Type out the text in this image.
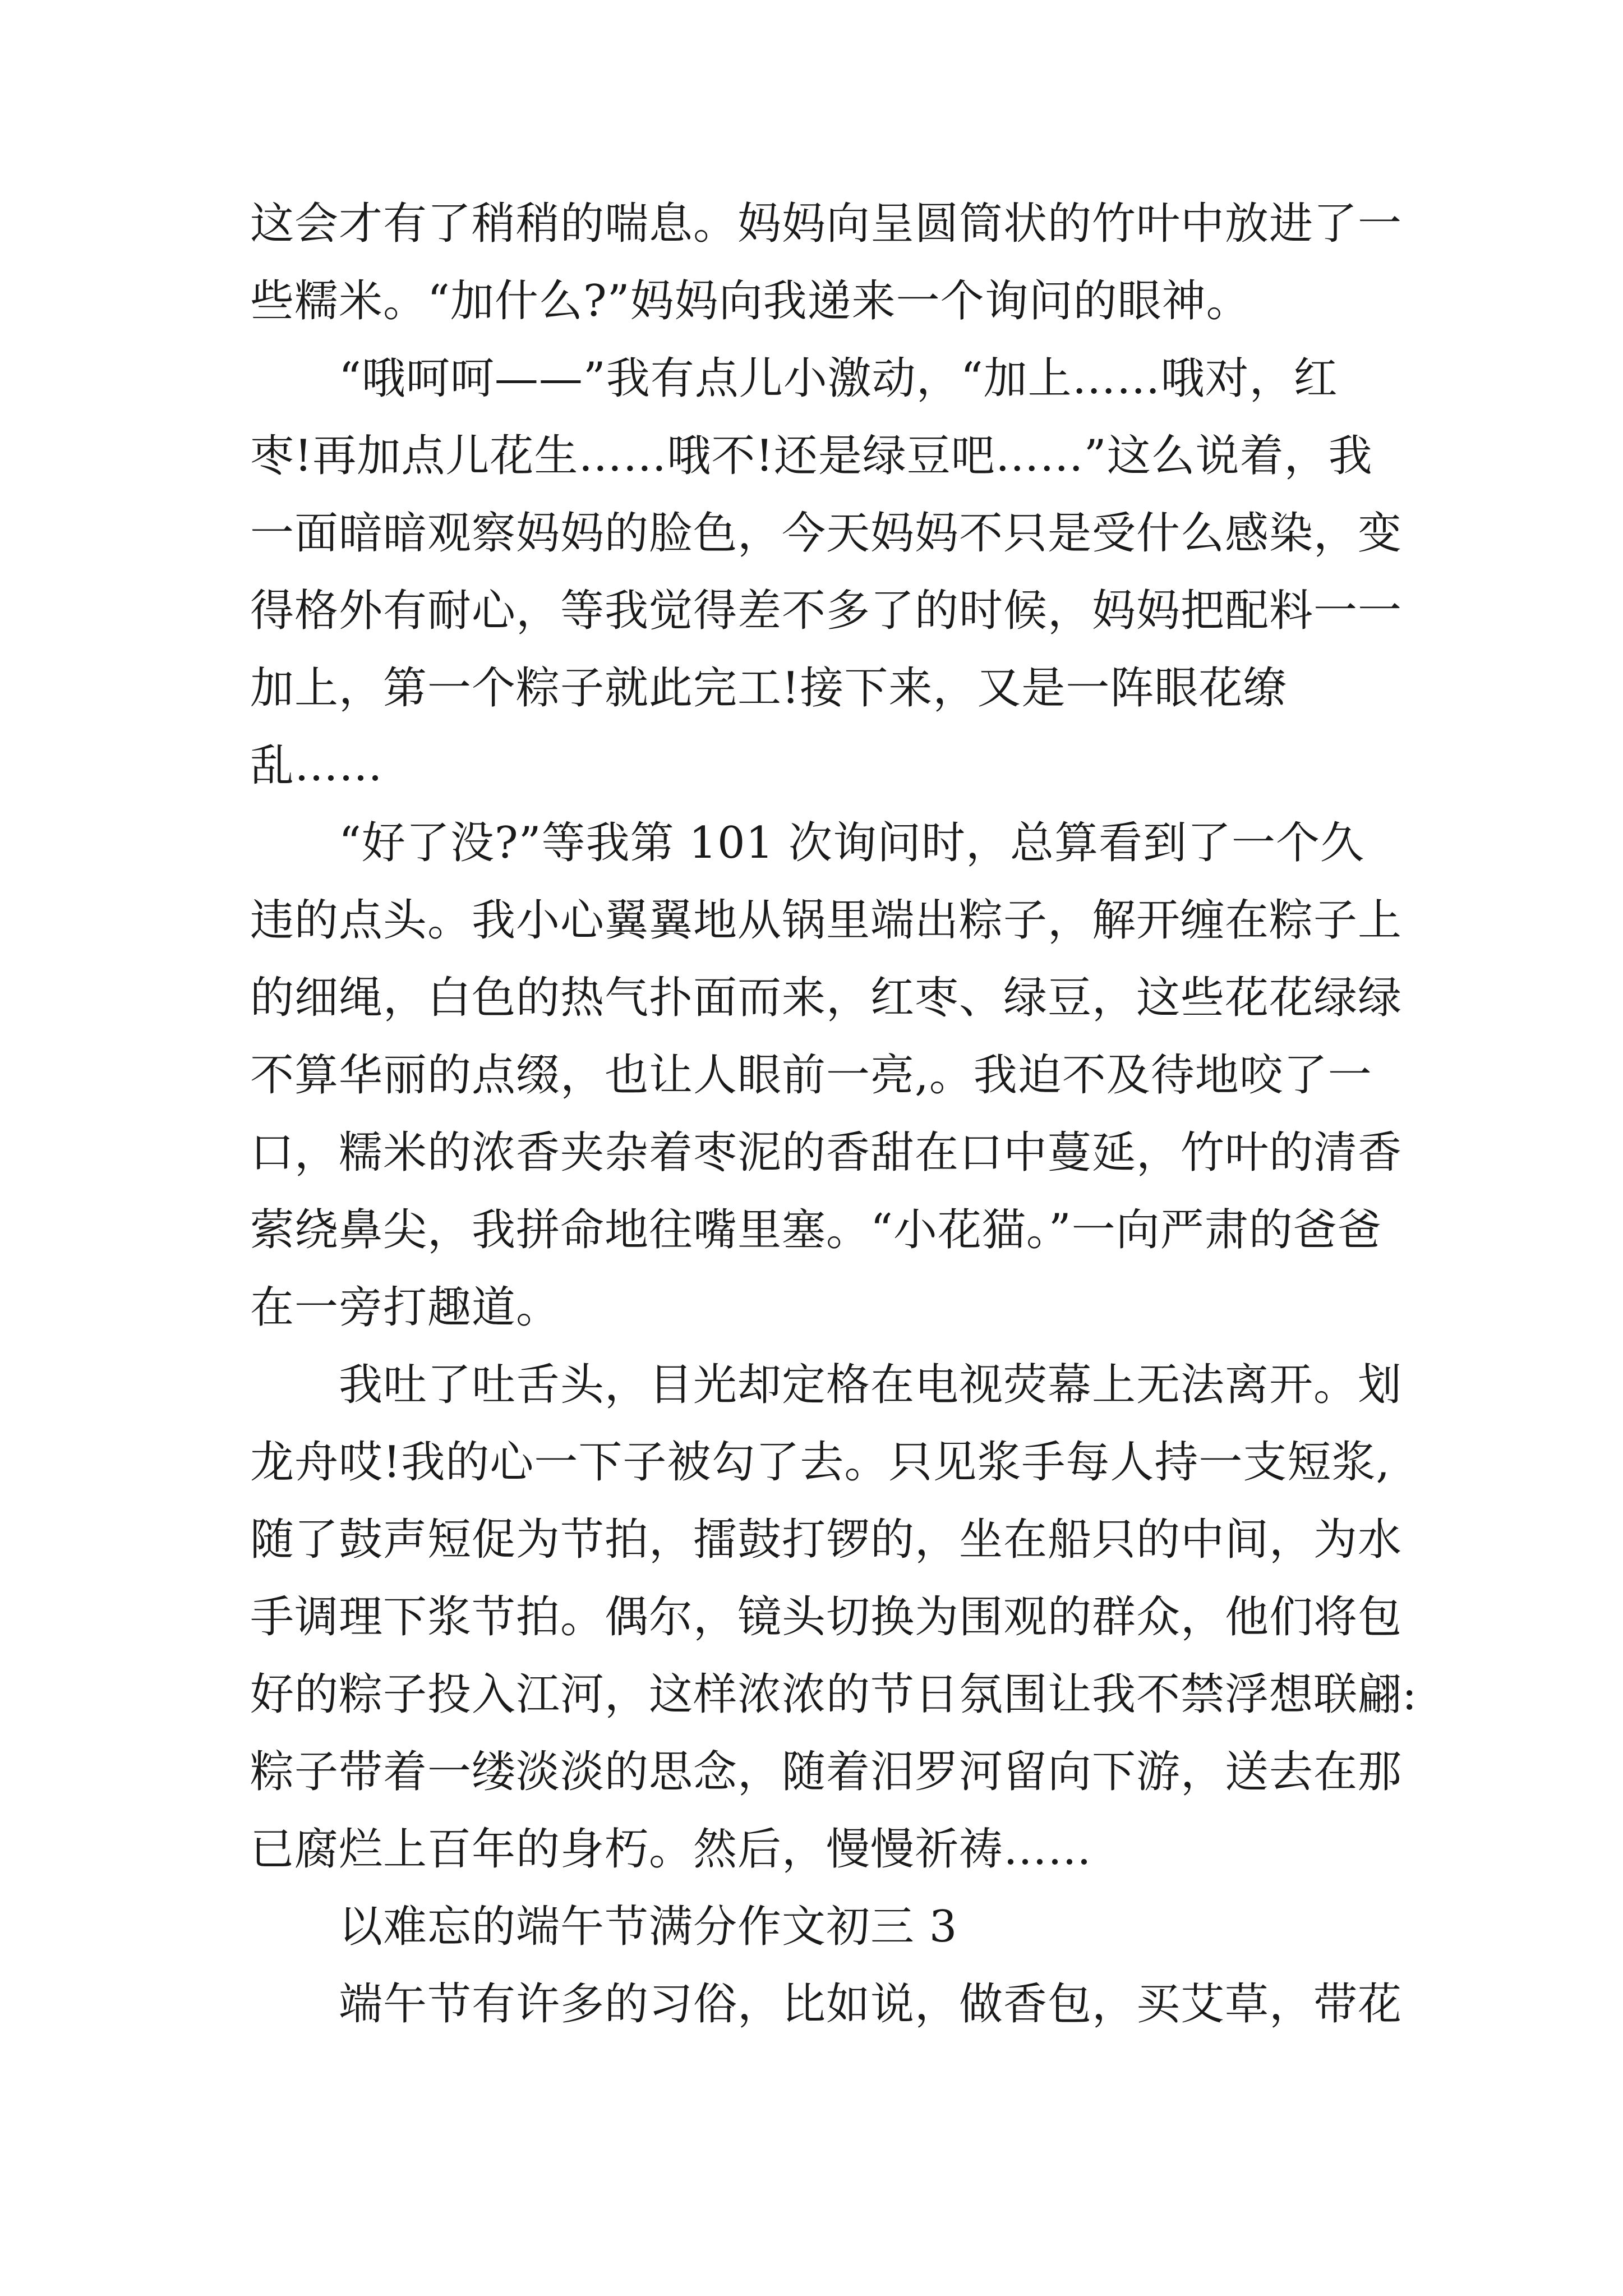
这会才有了稍稍的喘息。妈妈向呈圆筒状的竹叶中放进了一
些糯米。“加什么?”妈妈向我递来一个询问的眼神。
“哦呵呵——”我有点儿小激动，“加上……哦对，红
枣!再加点儿花生……哦不!还是绿豆吧……”这么说着，我
一面暗暗观察妈妈的脸色，今天妈妈不只是受什么感染，变
得格外有耐心，等我觉得差不多了的时候，妈妈把配料一一
加上，第一个粽子就此完工!接下来，又是一阵眼花缭
乱……
“好了没?”等我第 101 次询问时，总算看到了一个久
违的点头。我小心翼翼地从锅里端出粽子，解开缠在粽子上
的细绳，白色的热气扑面而来，红枣、绿豆，这些花花绿绿
不算华丽的点缀，也让人眼前一亮,。我迫不及待地咬了一
口，糯米的浓香夹杂着枣泥的香甜在口中蔓延，竹叶的清香
萦绕鼻尖，我拼命地往嘴里塞。“小花猫。”一向严肃的爸爸
在一旁打趣道。
我吐了吐舌头，目光却定格在电视荧幕上无法离开。划
龙舟哎!我的心一下子被勾了去。只见浆手每人持一支短浆,
随了鼓声短促为节拍，擂鼓打锣的，坐在船只的中间，为水
手调理下浆节拍。偶尔，镜头切换为围观的群众，他们将包
好的粽子投入江河，这样浓浓的节日氛围让我不禁浮想联翩:
粽子带着一缕淡淡的思念，随着汨罗河留向下游，送去在那
已腐烂上百年的身朽。然后，慢慢祈祷……
以难忘的端午节满分作文初三 3
端午节有许多的习俗，比如说，做香包，买艾草，带花
